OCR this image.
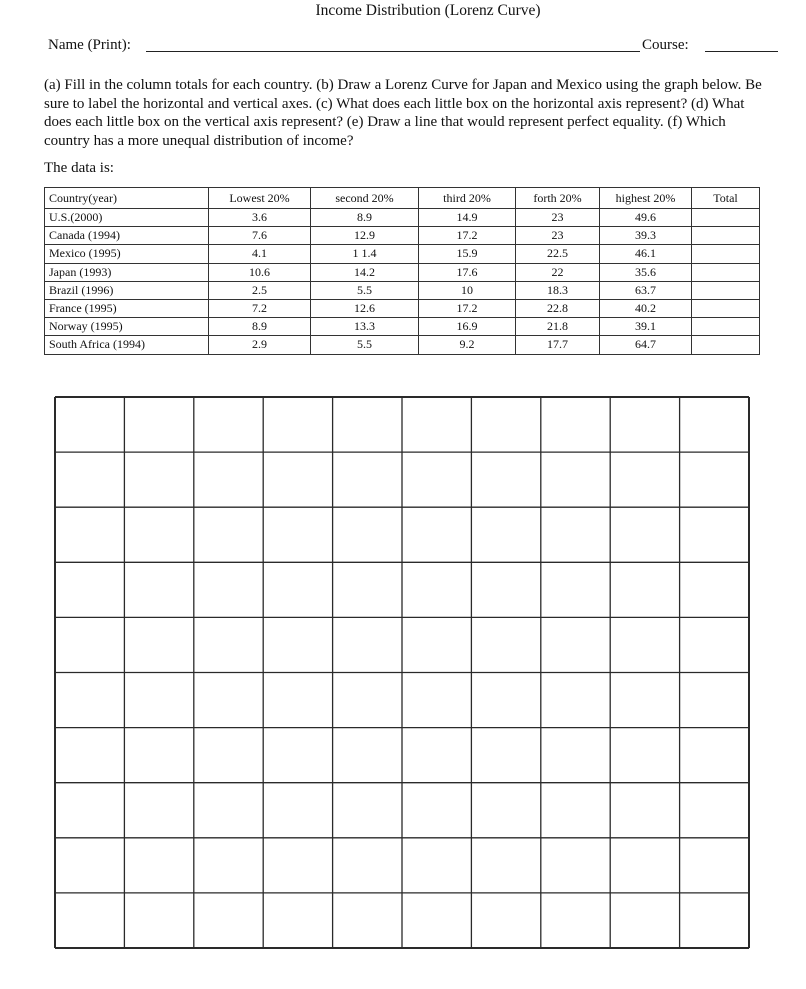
Income Distribution (Lorenz Curve)
Name (Print):	Course:

(a) Fill in the column totals for each country. (b) Draw a Lorenz Curve for Japan and Mexico using the graph below. Be sure to label the horizontal and vertical axes. (c) What does each little box on the horizontal axis represent? (d) What does each little box on the vertical axis represent? (e) Draw a line that would represent perfect equality. (f) Which country has a more unequal distribution of income?

The data is:
Country(year)	Lowest 20%	second 20%	third 20%	forth 20%	highest 20%	Total
U.S.(2000)	3.6	8.9	14.9	23	49.6	
Canada (1994)	7.6	12.9	17.2	23	39.3	
Mexico (1995)	4.1	1 1.4	15.9	22.5	46.1	
Japan (1993)	10.6	14.2	17.6	22	35.6	
Brazil (1996)	2.5	5.5	10	18.3	63.7	
France (1995)	7.2	12.6	17.2	22.8	40.2	
Norway (1995)	8.9	13.3	16.9	21.8	39.1	
South Africa (1994)	2.9	5.5	9.2	17.7	64.7	
